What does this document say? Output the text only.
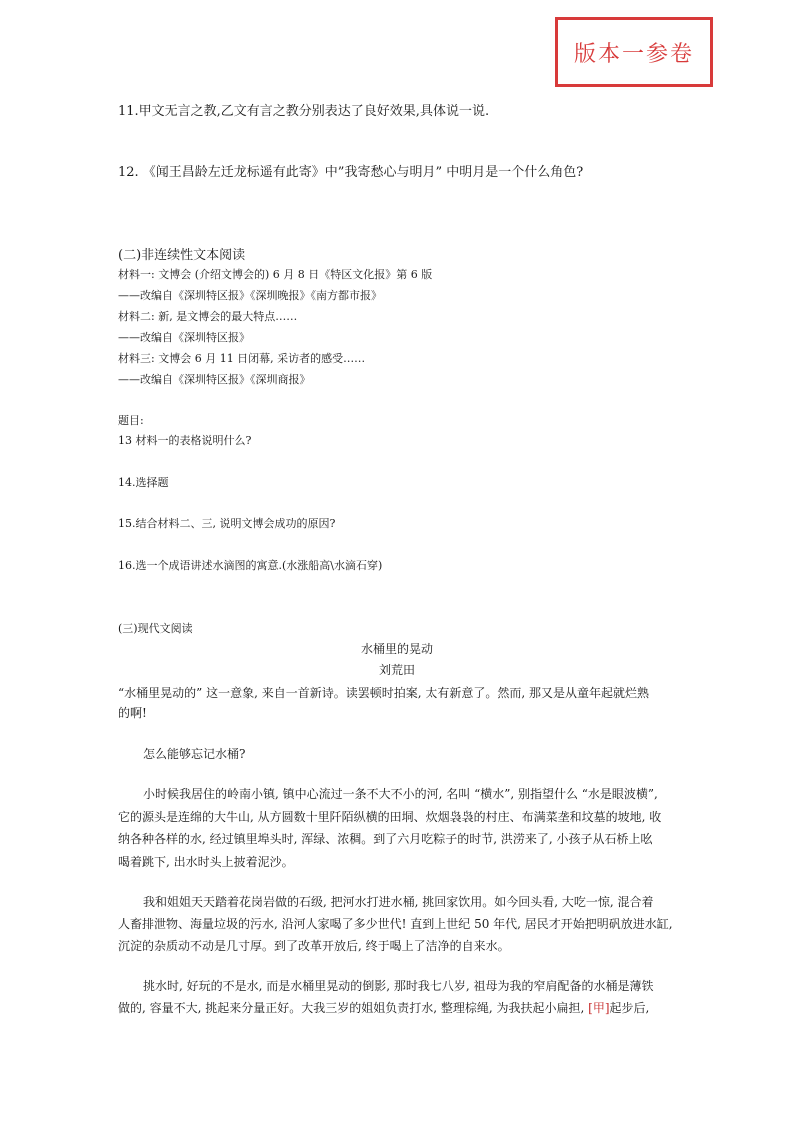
版本一参卷
11.甲文无言之教,乙文有言之教分别表达了良好效果,具体说一说.
12. 《闻王昌龄左迁龙标遥有此寄》中”我寄愁心与明月” 中明月是一个什么角色?
(二)非连续性文本阅读
材料一: 文博会 (介绍文博会的) 6 月 8 日《特区文化报》第 6 版
——改编自《深圳特区报》《深圳晚报》《南方都市报》
材料二: 新, 是文博会的最大特点……
——改编自《深圳特区报》
材料三: 文博会 6 月 11 日闭幕, 采访者的感受……
——改编自《深圳特区报》《深圳商报》
题目:
13 材料一的表格说明什么?
14.选择题
15.结合材料二、三, 说明文博会成功的原因?
16.选一个成语讲述水滴图的寓意.(水涨船高\水滴石穿)
(三)现代文阅读
水桶里的晃动
刘荒田
“水桶里晃动的” 这一意象, 来自一首新诗。读罢顿时拍案, 太有新意了。然而, 那又是从童年起就烂熟
的啊!
怎么能够忘记水桶?
小时候我居住的岭南小镇, 镇中心流过一条不大不小的河, 名叫 “横水”, 别指望什么 “水是眼波横”,
它的源头是连绵的大牛山, 从方圆数十里阡陌纵横的田垌、炊烟袅袅的村庄、布满菜垄和坟墓的坡地, 收
纳各种各样的水, 经过镇里埠头时, 浑绿、浓稠。到了六月吃粽子的时节, 洪涝来了, 小孩子从石桥上吆
喝着跳下, 出水时头上披着泥沙。
我和姐姐天天踏着花岗岩做的石级, 把河水打进水桶, 挑回家饮用。如今回头看, 大吃一惊, 混合着
人畜排泄物、海量垃圾的污水, 沿河人家喝了多少世代! 直到上世纪 50 年代, 居民才开始把明矾放进水缸,
沉淀的杂质动不动是几寸厚。到了改革开放后, 终于喝上了洁净的自来水。
挑水时, 好玩的不是水, 而是水桶里晃动的倒影, 那时我七八岁, 祖母为我的窄肩配备的水桶是薄铁
做的, 容量不大, 挑起来分量正好。大我三岁的姐姐负责打水, 整理棕绳, 为我扶起小扁担, [甲]起步后,
